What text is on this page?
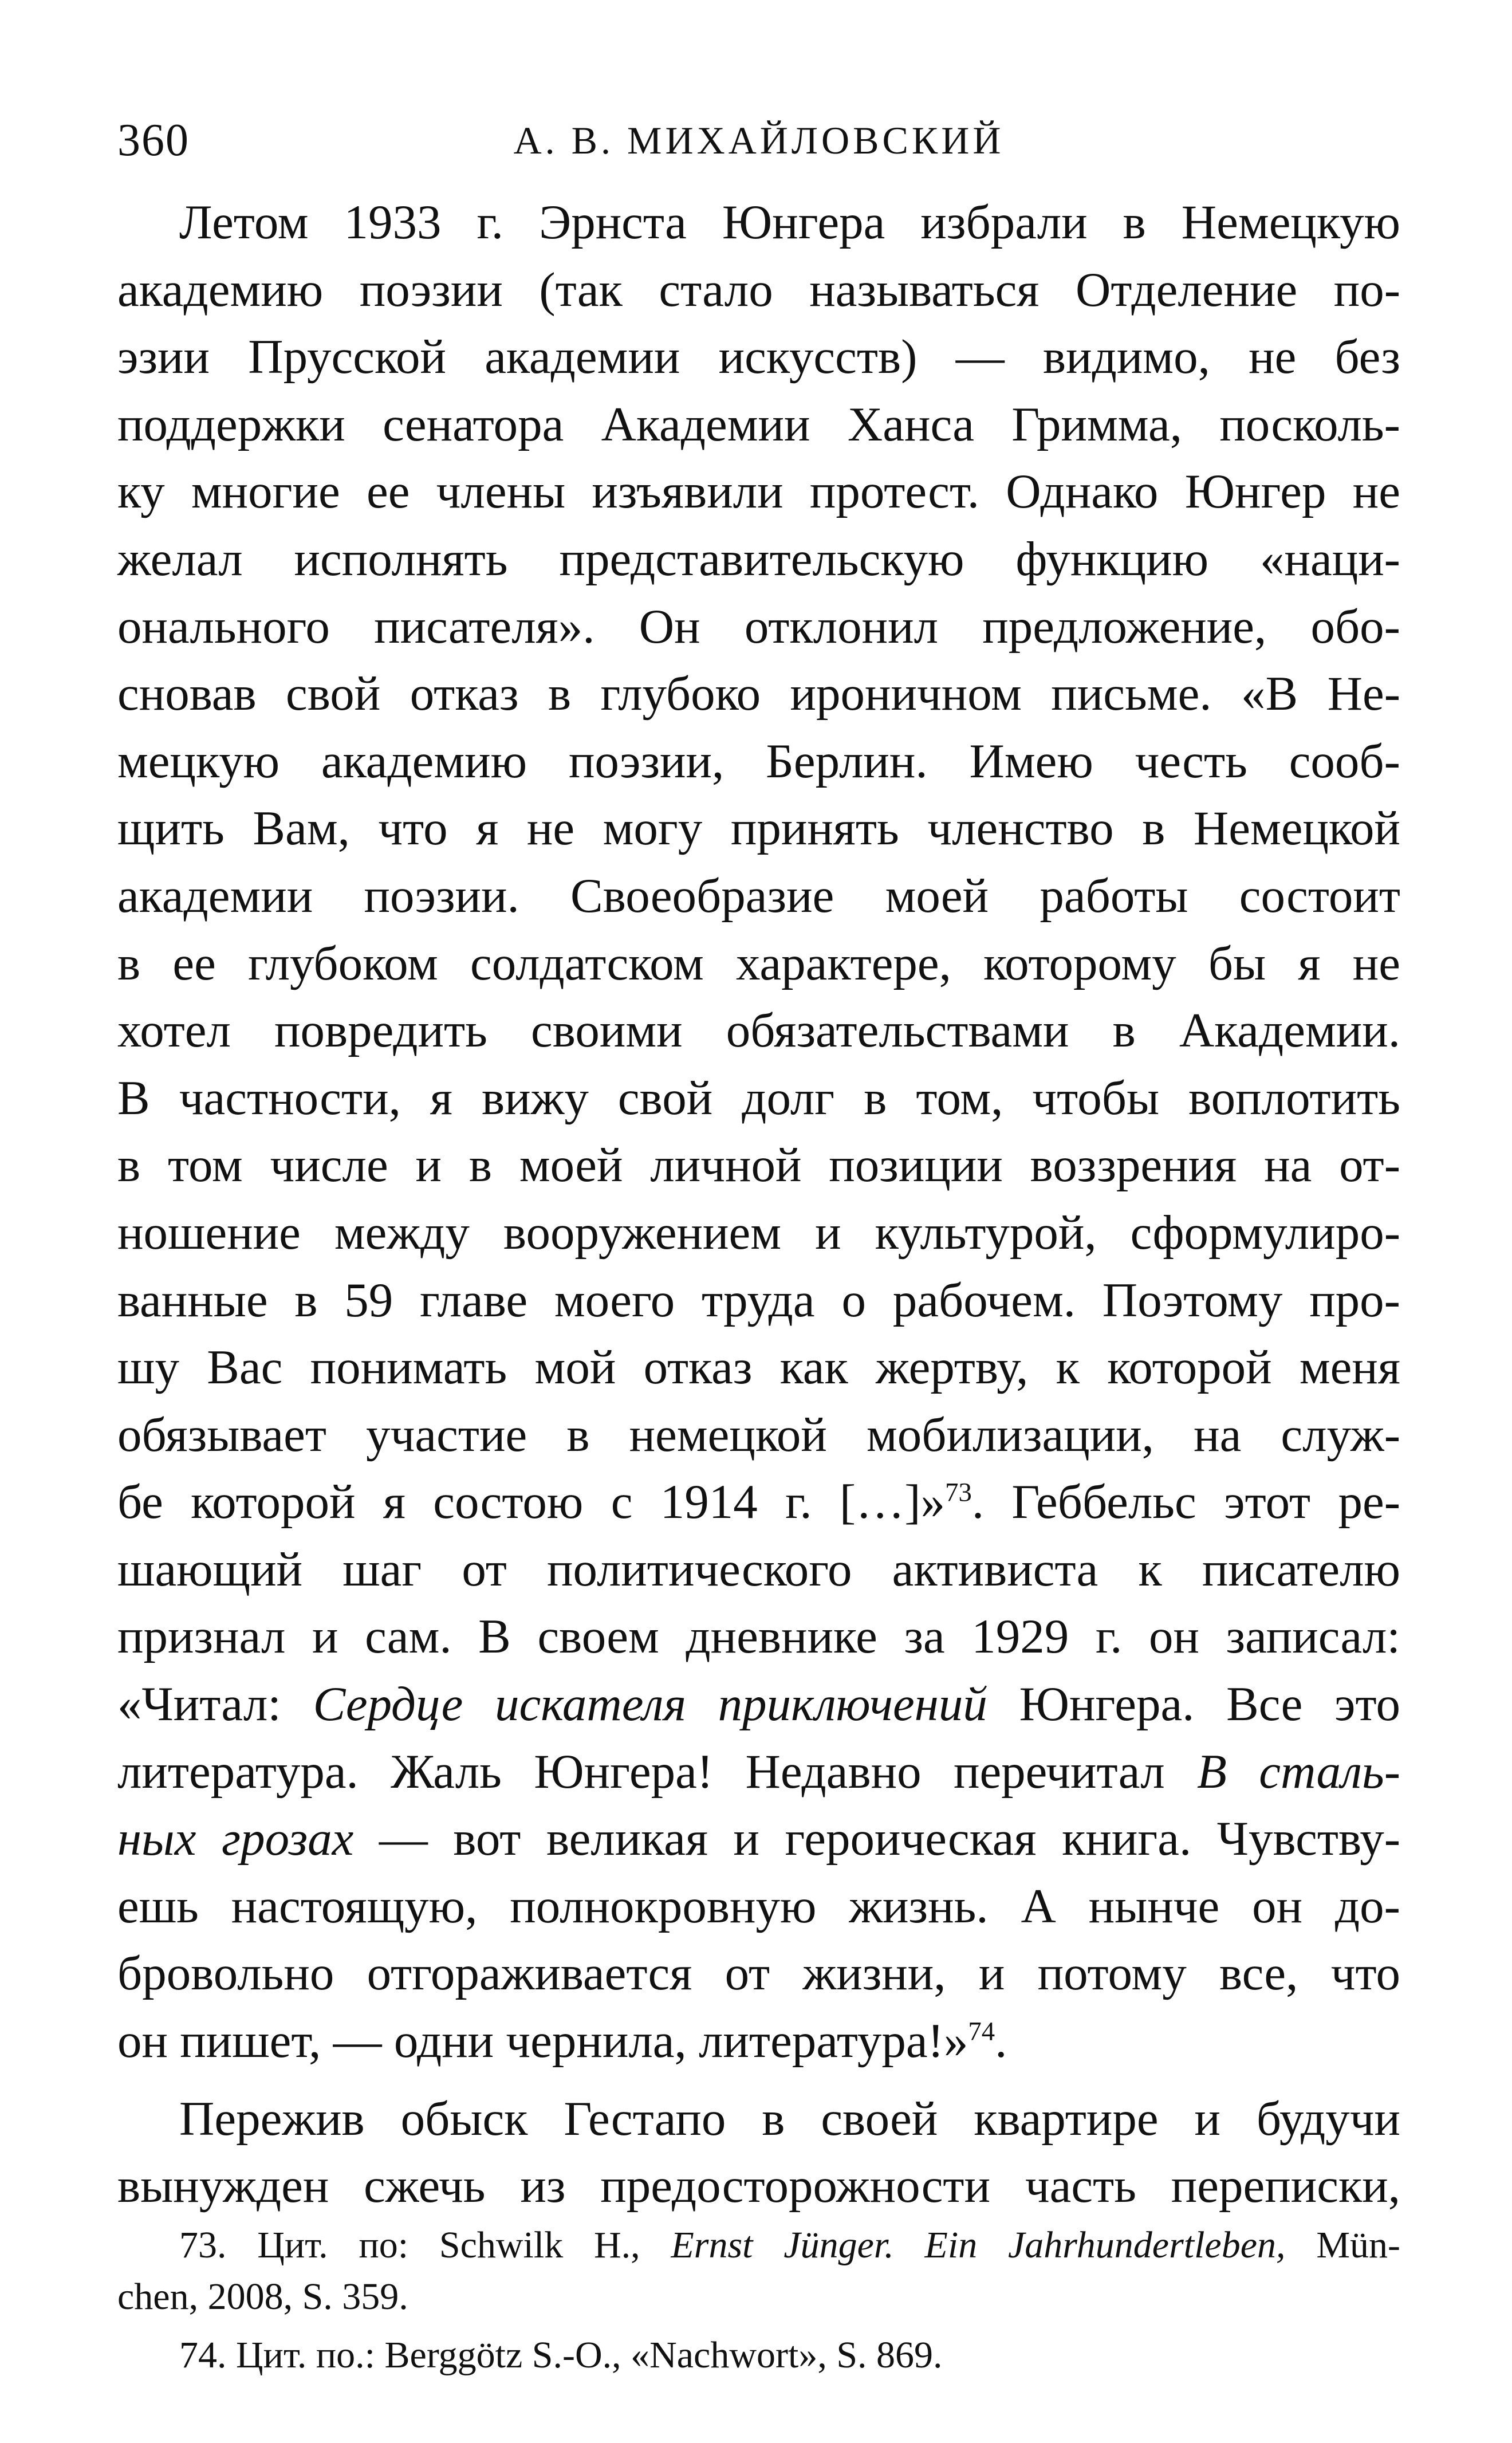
360	А. В. МИХАЙЛОВСКИЙ
Летом 1933 г. Эрнста Юнгера избрали в Немецкую
академию поэзии (так стало называться Отделение по-
эзии Прусской академии искусств) — видимо, не без
поддержки сенатора Академии Ханса Гримма, посколь-
ку многие ее члены изъявили протест. Однако Юнгер не
желал исполнять представительскую функцию «нaци-
онального писателя». Он отклонил предложение, обо-
сновав свой отказ в глубоко ироничном письме. «В Не-
мецкую академию поэзии, Берлин. Имею честь сооб-
щить Вам, что я не могу принять членство в Немецкой
академии поэзии. Своеобразие моей работы состоит
в ее глубоком солдатском характере, которому бы я не
хотел повредить своими обязательствами в Академии.
В частности, я вижу свой долг в том, чтобы воплотить
в том числе и в моей личной позиции воззрения на от-
ношение между вооружением и культурой, сформулиро-
ванные в 59 главе моего труда о рабочем. Поэтому про-
шу Вас понимать мой отказ как жертву, к которой меня
обязывает участие в немецкой мобилизации, на служ-
бе которой я состою с 1914 г. […]»$^{73}$. Геббельс этот ре-
шающий шаг от политического активиста к писателю
признал и сам. В своем дневнике за 1929 г. он записал:
«Читал: Сердце искателя приключений Юнгера. Все это
литература. Жаль Юнгера! Недавно перечитал В сталь-
ных грозах — вот великая и героическая книга. Чувству-
ешь настоящую, полнокровную жизнь. А нынче он до-
бровольно отгораживается от жизни, и потому все, что
он пишет, — одни чернила, литература!»$^{74}$.
Пережив обыск Гестапо в своей квартире и будучи
вынужден сжечь из предосторожности часть переписки,
73. Цит. по: Schwilk H., Ernst Jünger. Ein Jahrhundertleben, Mün-
chen, 2008, S. 359.
74. Цит. по.: Berggötz S.-O., «Nachwort», S. 869.
